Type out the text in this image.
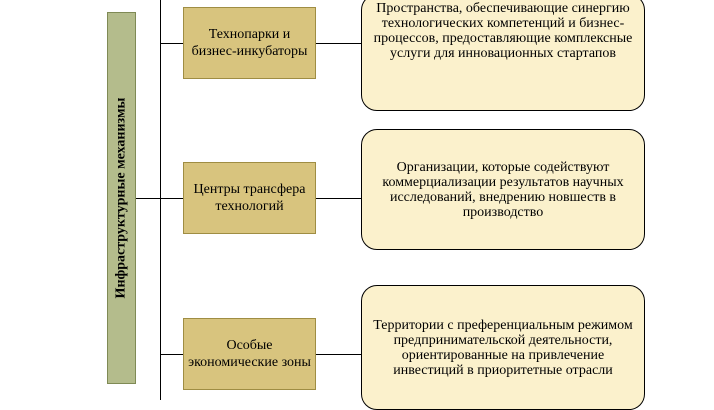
Инфраструктурные механизмы
Технопарки и бизнес-инкубаторы
Центры трансфера технологий
Особые экономические зоны
Пространства, обеспечивающие синергию технологических компетенций и бизнес-процессов, предоставляющие комплексные услуги для инновационных стартапов
Организации, которые содействуют коммерциализации результатов научных исследований, внедрению новшеств в производство
Территории с преференциальным режимом предпринимательской деятельности, ориентированные на привлечение инвестиций в приоритетные отрасли
